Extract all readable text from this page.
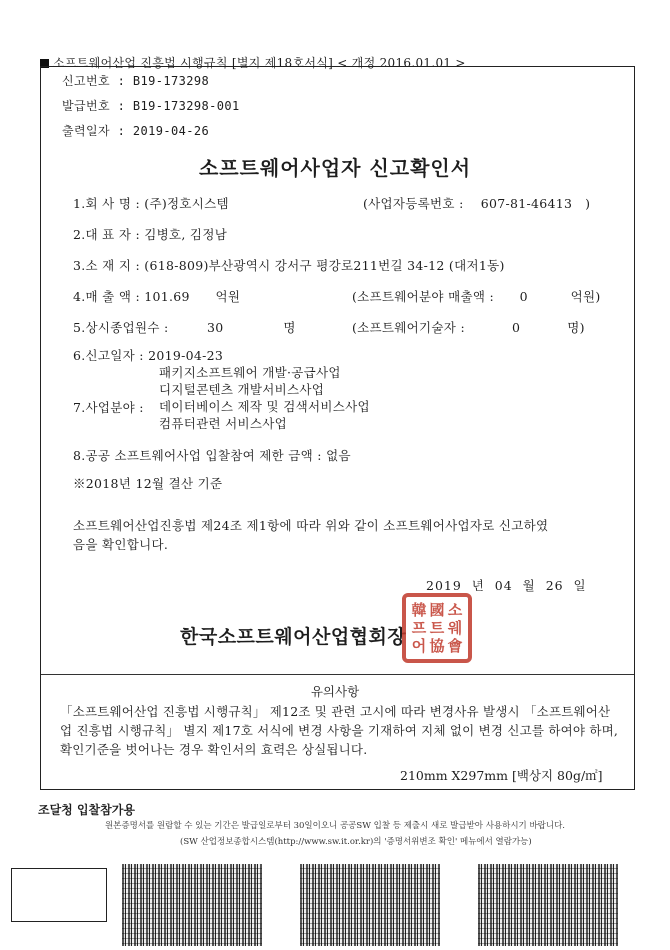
소프트웨어산업 진흥법 시행규칙 [별지 제18호서식] < 개정 2016.01.01 >
신고번호 : B19-173298
발급번호 : B19-173298-001
출력일자 : 2019-04-26
소프트웨어사업자 신고확인서
1.회 사 명 : (주)정호시스템	(사업자등록번호 : 607-81-46413 )
2.대 표 자 : 김병호, 김정남
3.소 재 지 : (618-809)부산광역시 강서구 평강로211번길 34-12 (대저1동)
4.매 출 액 : 101.69 억원	(소프트웨어분야 매출액 : 0	억원)
5.상시종업원수 :	30	명	(소프트웨어기술자 :	0	명)
6.신고일자 : 2019-04-23
7.사업분야 :
패키지소프트웨어 개발·공급사업
디지털콘텐츠 개발서비스사업
데이터베이스 제작 및 검색서비스사업
컴퓨터관련 서비스사업
8.공공 소프트웨어사업 입찰참여 제한 금액 : 없음
※2018년 12월 결산 기준
소프트웨어산업진흥법 제24조 제1항에 따라 위와 같이 소프트웨어사업자로 신고하였
음을 확인합니다.
2019 년 04 월 26 일
한국소프트웨어산업협회장
韓 國 소
프 트 웨
어 協 會
유의사항
「소프트웨어산업 진흥법 시행규칙」 제12조 및 관련 고시에 따라 변경사유 발생시 「소프트웨어산업 진흥법 시행규칙」 별지 제17호 서식에 변경 사항을 기재하여 지체 없이 변경 신고를 하여야 하며, 확인기준을 벗어나는 경우 확인서의 효력은 상실됩니다.
210mm X297mm [백상지 80g/㎡]
조달청 입찰참가용
원본증명서를 원람할 수 있는 기간은 발급일로부터 30일이오니 공공SW 입찰 등 제출시 새로 발급받아 사용하시기 바랍니다.
(SW 산업정보종합시스템(http://www.sw.it.or.kr)의 '증명서위변조 확인' 메뉴에서 열람가능)
